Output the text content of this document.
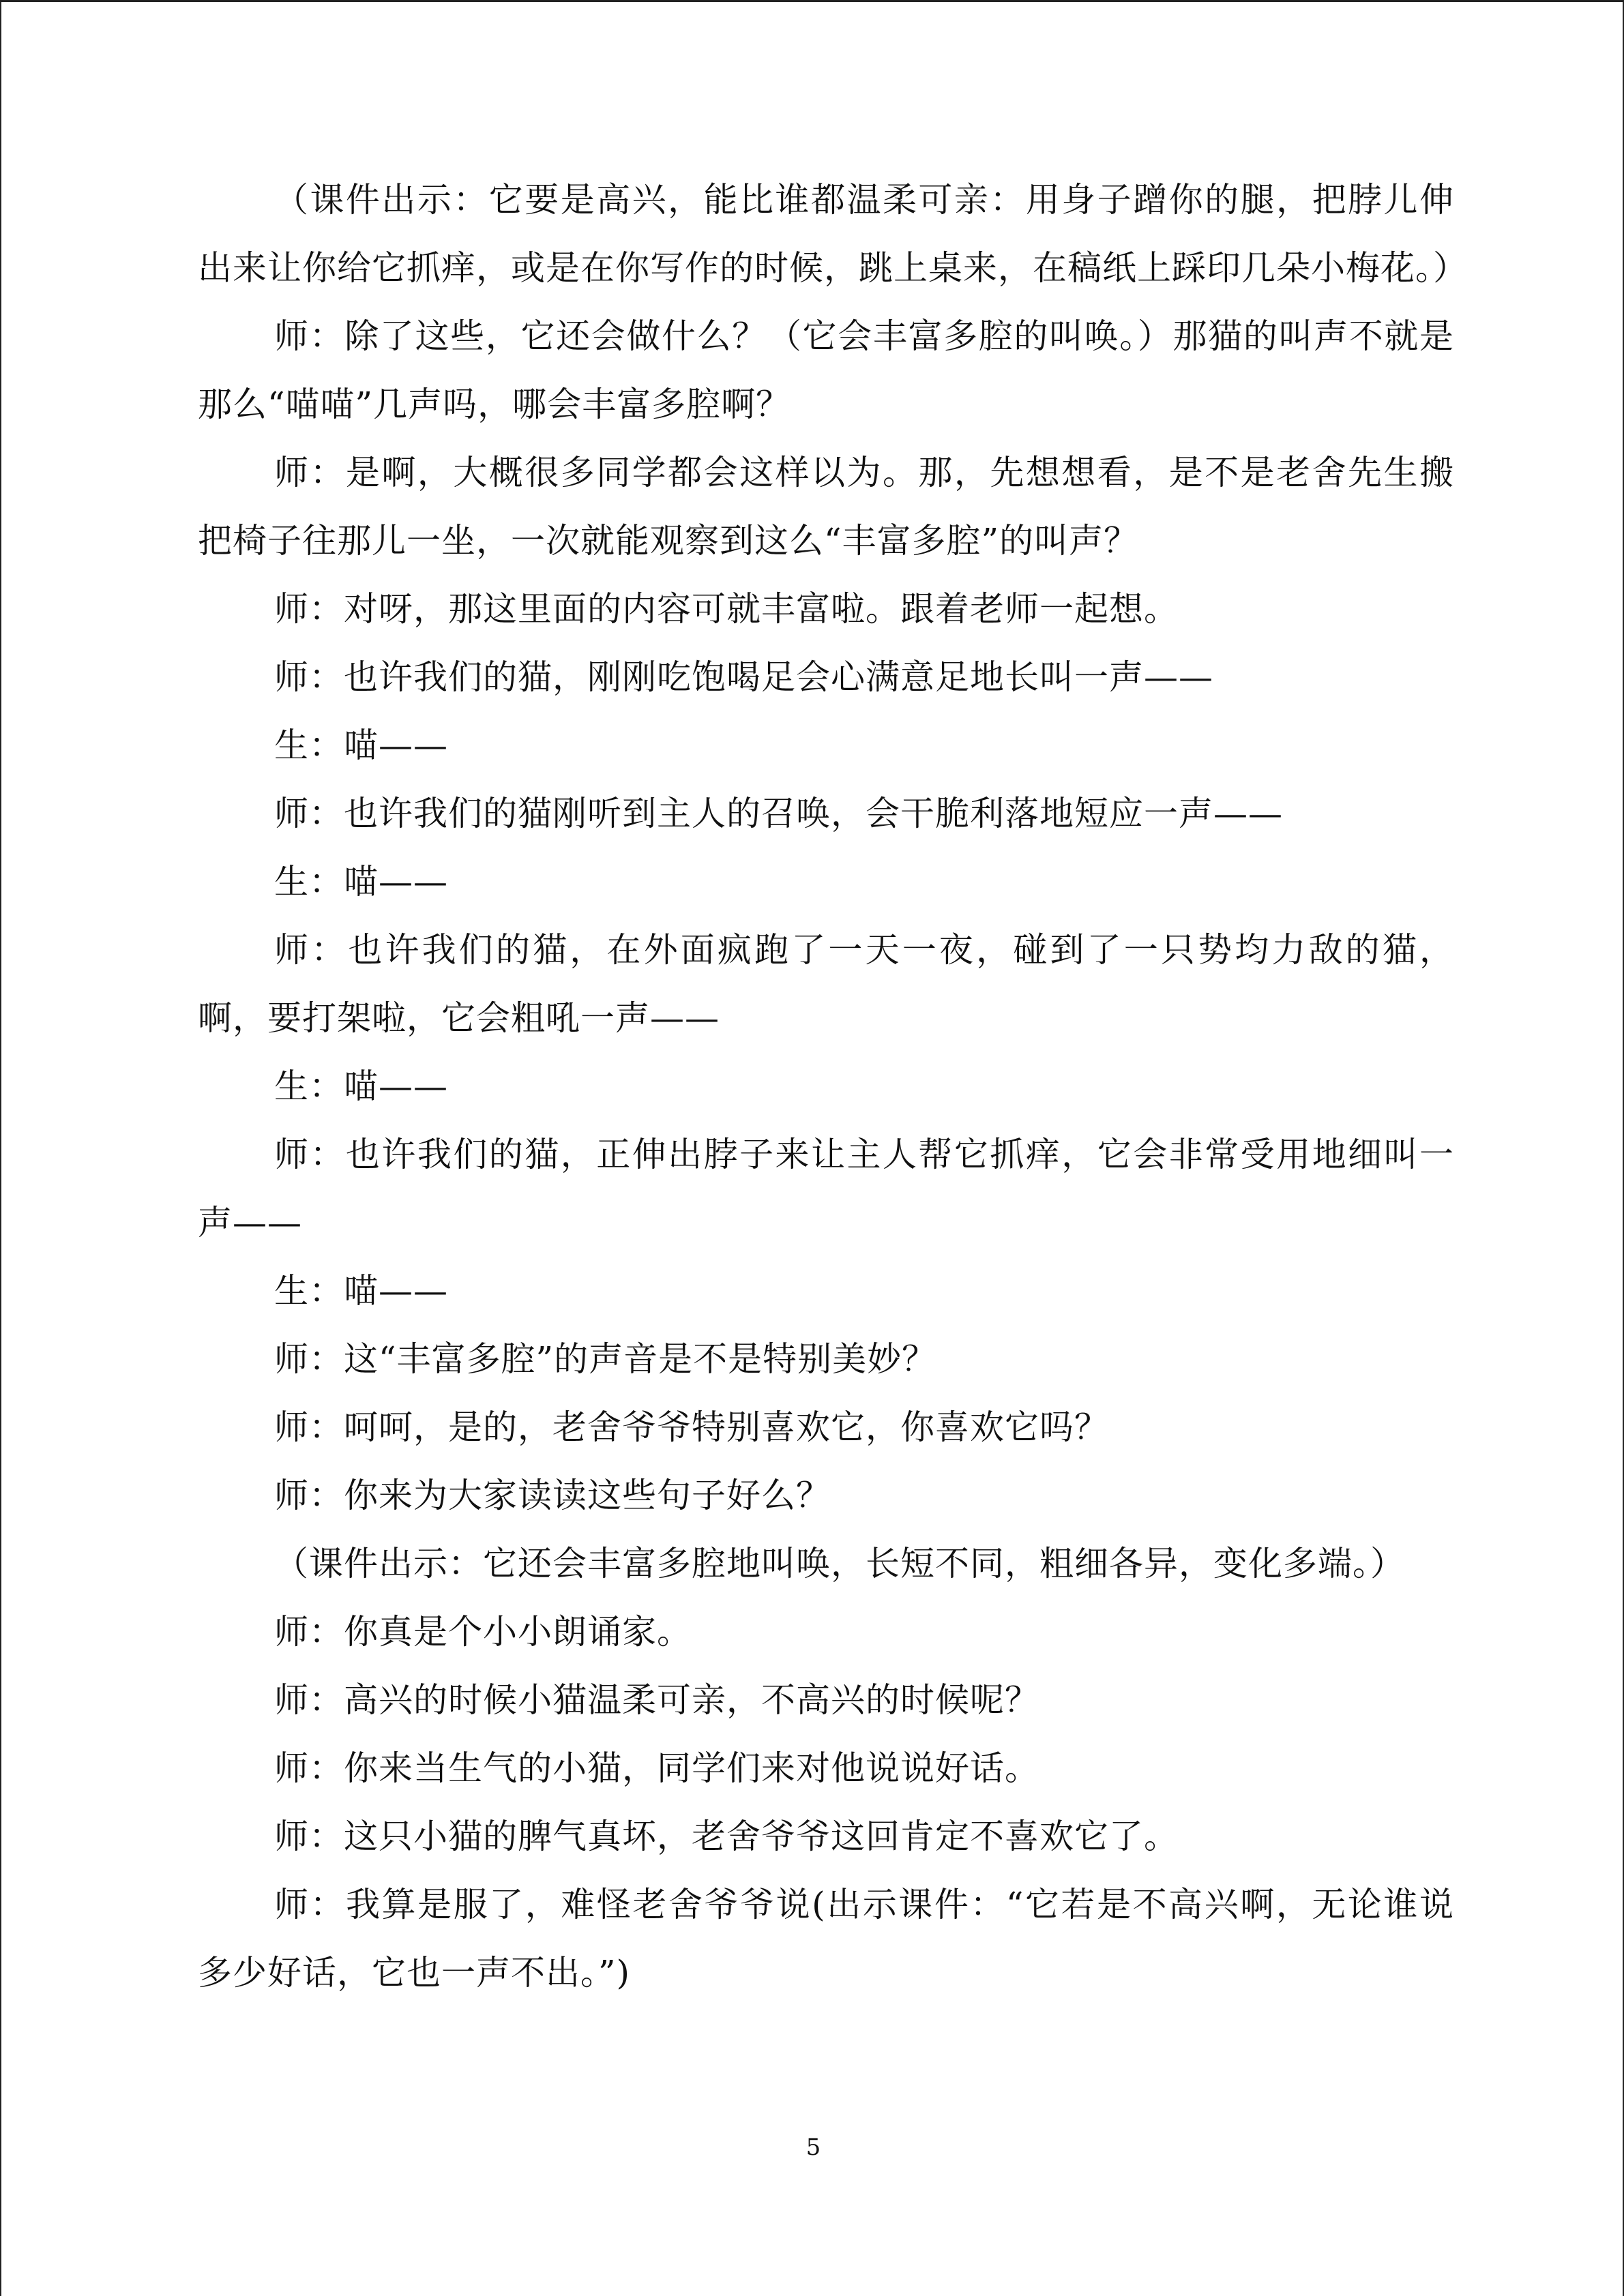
（课件出示：它要是高兴，能比谁都温柔可亲：用身子蹭你的腿，把脖儿伸出来让你给它抓痒，或是在你写作的时候，跳上桌来，在稿纸上踩印几朵小梅花。）

师：除了这些，它还会做什么？（它会丰富多腔的叫唤。）那猫的叫声不就是那么“喵喵”几声吗，哪会丰富多腔啊？

师：是啊，大概很多同学都会这样以为。那，先想想看，是不是老舍先生搬把椅子往那儿一坐，一次就能观察到这么“丰富多腔”的叫声？

师：对呀，那这里面的内容可就丰富啦。跟着老师一起想。

师：也许我们的猫，刚刚吃饱喝足会心满意足地长叫一声——

生：喵——

师：也许我们的猫刚听到主人的召唤，会干脆利落地短应一声——

生：喵——

师：也许我们的猫，在外面疯跑了一天一夜，碰到了一只势均力敌的猫，啊，要打架啦，它会粗吼一声——

生：喵——

师：也许我们的猫，正伸出脖子来让主人帮它抓痒，它会非常受用地细叫一声——

生：喵——

师：这“丰富多腔”的声音是不是特别美妙？

师：呵呵，是的，老舍爷爷特别喜欢它，你喜欢它吗？

师：你来为大家读读这些句子好么？

（课件出示：它还会丰富多腔地叫唤，长短不同，粗细各异，变化多端。）

师：你真是个小小朗诵家。

师：高兴的时候小猫温柔可亲，不高兴的时候呢？

师：你来当生气的小猫，同学们来对他说说好话。

师：这只小猫的脾气真坏，老舍爷爷这回肯定不喜欢它了。

师：我算是服了，难怪老舍爷爷说(出示课件：“它若是不高兴啊，无论谁说多少好话，它也一声不出。”)

5
